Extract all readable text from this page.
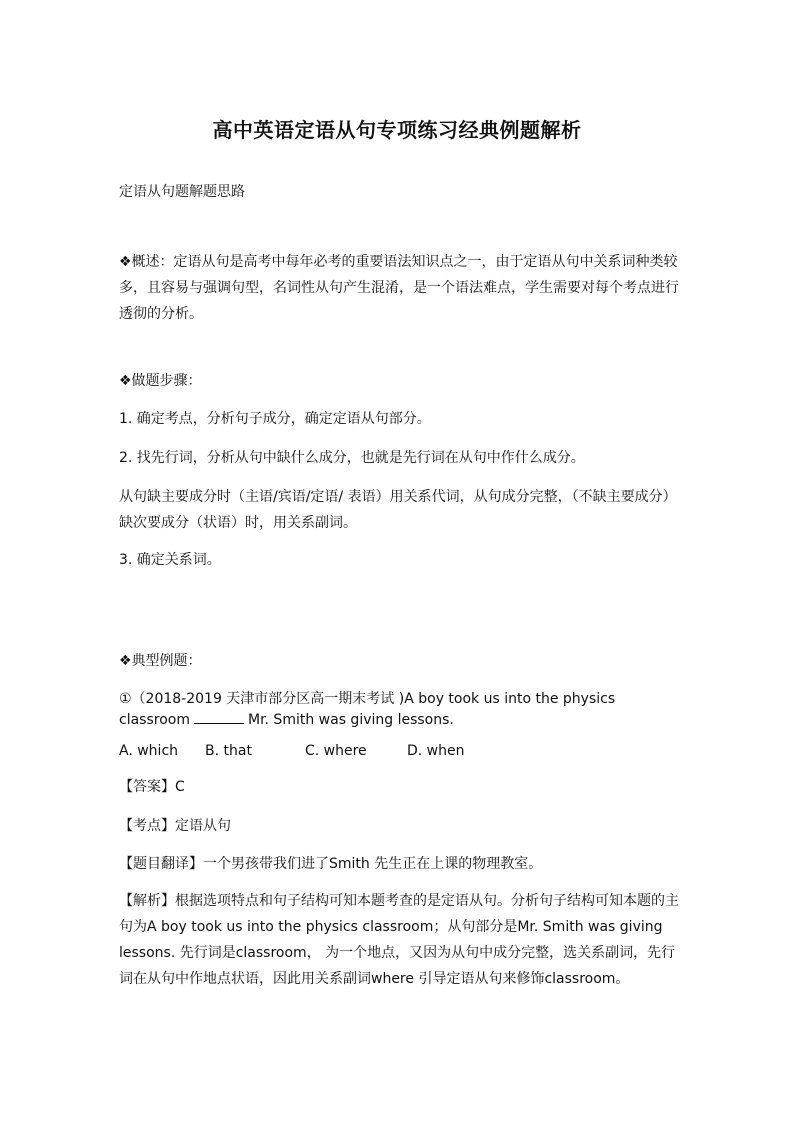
高中英语定语从句专项练习经典例题解析
定语从句题解题思路
❖概述：定语从句是高考中每年必考的重要语法知识点之一，由于定语从句中关系词种类较多，且容易与强调句型，名词性从句产生混淆，是一个语法难点，学生需要对每个考点进行透彻的分析。
❖做题步骤：
1. 确定考点，分析句子成分，确定定语从句部分。
2. 找先行词，分析从句中缺什么成分，也就是先行词在从句中作什么成分。
从句缺主要成分时（主语/宾语/定语/ 表语）用关系代词，从句成分完整，（不缺主要成分）缺次要成分（状语）时，用关系副词。
3. 确定关系词。
❖典型例题：
①（2018-2019 天津市部分区高一期末考试 )A boy took us into the physics
classroom	Mr. Smith was giving lessons.
A. which B. that	C. where	D. when
【答案】C
【考点】定语从句
【题目翻译】一个男孩带我们进了Smith 先生正在上课的物理教室。
【解析】根据选项特点和句子结构可知本题考查的是定语从句。分析句子结构可知本题的主句为A boy took us into the physics classroom；从句部分是Mr. Smith was giving lessons. 先行词是classroom， 为一个地点，又因为从句中成分完整，选关系副词，先行词在从句中作地点状语，因此用关系副词where 引导定语从句来修饰classroom。
